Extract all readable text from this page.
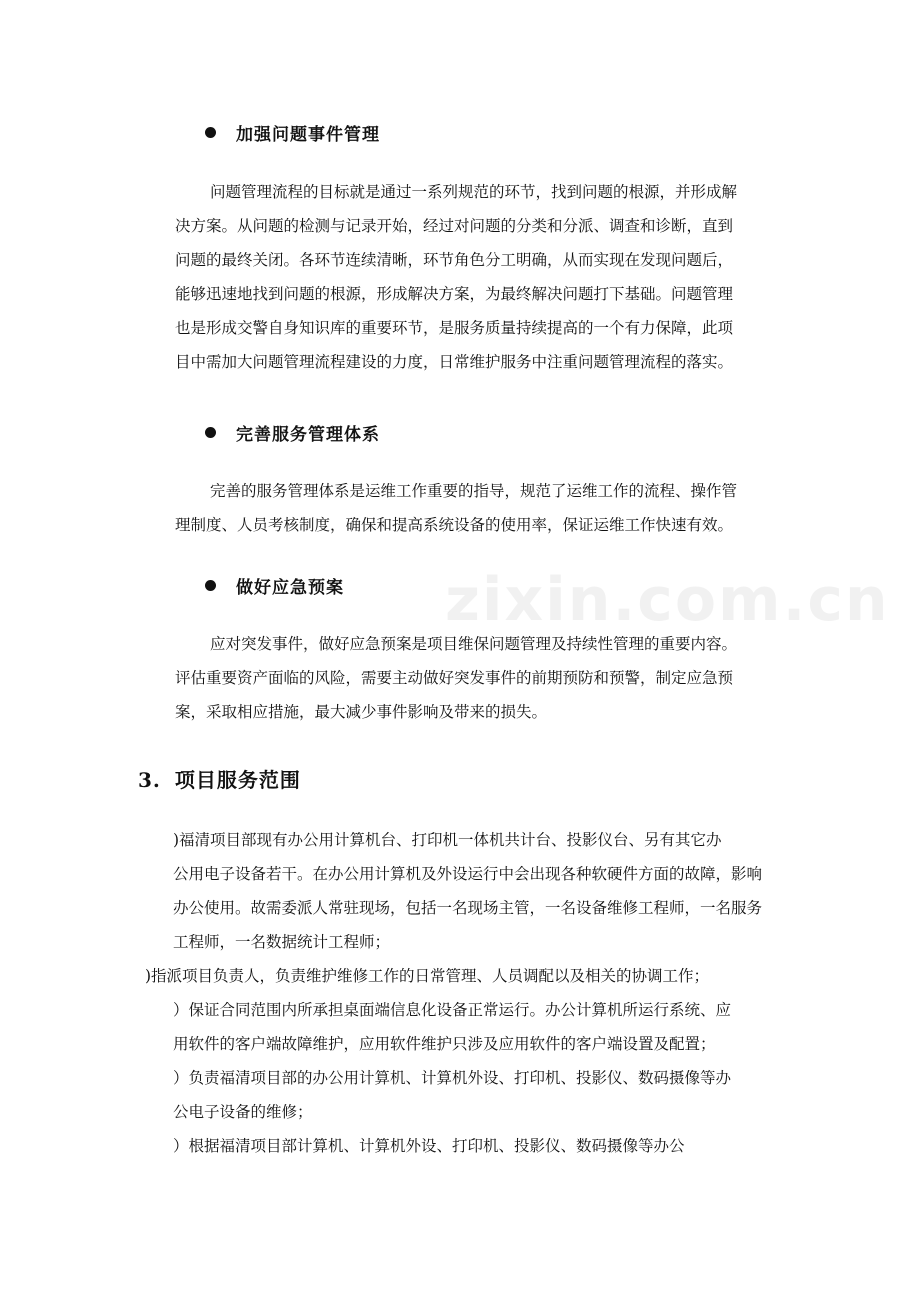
zixin.com.cn
加强问题事件管理
问题管理流程的目标就是通过一系列规范的环节，找到问题的根源，并形成解
决方案。从问题的检测与记录开始，经过对问题的分类和分派、调查和诊断，直到
问题的最终关闭。各环节连续清晰，环节角色分工明确，从而实现在发现问题后，
能够迅速地找到问题的根源，形成解决方案，为最终解决问题打下基础。问题管理
也是形成交警自身知识库的重要环节，是服务质量持续提高的一个有力保障，此项
目中需加大问题管理流程建设的力度，日常维护服务中注重问题管理流程的落实。
完善服务管理体系
完善的服务管理体系是运维工作重要的指导，规范了运维工作的流程、操作管
理制度、人员考核制度，确保和提高系统设备的使用率，保证运维工作快速有效。
做好应急预案
应对突发事件，做好应急预案是项目维保问题管理及持续性管理的重要内容。
评估重要资产面临的风险，需要主动做好突发事件的前期预防和预警，制定应急预
案，采取相应措施，最大减少事件影响及带来的损失。
3. 项目服务范围
)福清项目部现有办公用计算机台、打印机一体机共计台、投影仪台、另有其它办
公用电子设备若干。在办公用计算机及外设运行中会出现各种软硬件方面的故障，影响
办公使用。故需委派人常驻现场，包括一名现场主管，一名设备维修工程师，一名服务
工程师，一名数据统计工程师；
)指派项目负责人，负责维护维修工作的日常管理、人员调配以及相关的协调工作；
）保证合同范围内所承担桌面端信息化设备正常运行。办公计算机所运行系统、应
用软件的客户端故障维护，应用软件维护只涉及应用软件的客户端设置及配置；
）负责福清项目部的办公用计算机、计算机外设、打印机、投影仪、数码摄像等办
公电子设备的维修；
）根据福清项目部计算机、计算机外设、打印机、投影仪、数码摄像等办公
